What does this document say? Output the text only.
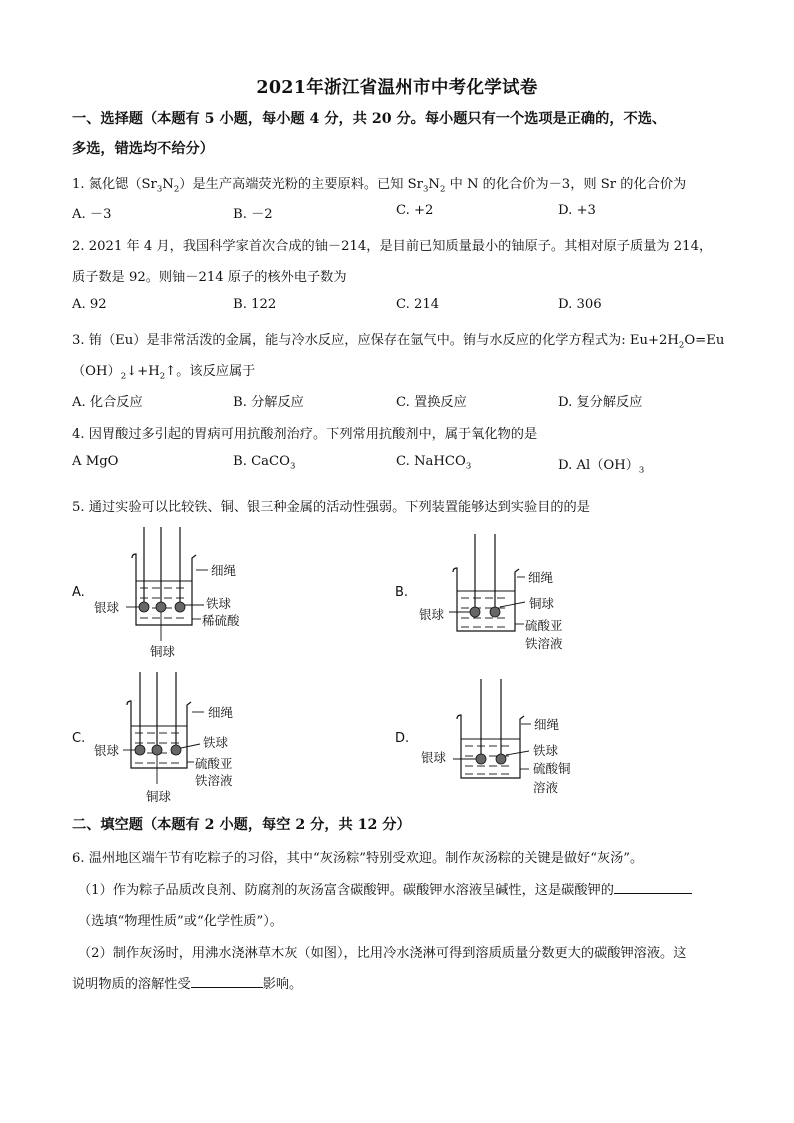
2021年浙江省温州市中考化学试卷
一、选择题（本题有 5 小题，每小题 4 分，共 20 分。每小题只有一个选项是正确的，不选、
多选，错选均不给分）
1. 氮化锶$(Sr_3N_2)$是生产高端荧光粉的主要原料。已知 $Sr_3N_2$ 中 N 的化合价为－3，则 Sr 的化合价为
A. －3	B. －2	C. +2	D. +3
2. 2021 年 4 月，我国科学家首次合成的铀－214，是目前已知质量最小的铀原子。其相对原子质量为 214，
质子数是 92。则铀－214 原子的核外电子数为
A. 92	B. 122	C. 214	D. 306
3. 铕（Eu）是非常活泼的金属，能与冷水反应，应保存在氩气中。铕与水反应的化学方程式为: $Eu+2H_2O=Eu$
$(OH)_2↓+H_2↑$。该反应属于
A. 化合反应	B. 分解反应	C. 置换反应	D. 复分解反应
4. 因胃酸过多引起的胃病可用抗酸剂治疗。下列常用抗酸剂中，属于氧化物的是
A MgO	B. CaCO$_3$	C. NaHCO$_3$	D. $Al(OH)_3$
5. 通过实验可以比较铁、铜、银三种金属的活动性强弱。下列装置能够达到实验目的的是
A.
细绳
银球	铁球
稀硫酸
铜球
B.
细绳
银球
铜球
硫酸亚
铁溶液
C.
细绳
银球
铁球
硫酸亚
铁溶液
铜球
D.
细绳
银球	铁球
硫酸铜
溶液
二、填空题（本题有 2 小题，每空 2 分，共 12 分）
6. 温州地区端午节有吃粽子的习俗，其中“灰汤粽”特别受欢迎。制作灰汤粽的关键是做好“灰汤”。
（1）作为粽子品质改良剂、防腐剂的灰汤富含碳酸钾。碳酸钾水溶液呈碱性，这是碳酸钾的
（选填“物理性质”或“化学性质”）。
（2）制作灰汤时，用沸水浇淋草木灰（如图），比用冷水浇淋可得到溶质质量分数更大的碳酸钾溶液。这
说明物质的溶解性受	影响。
